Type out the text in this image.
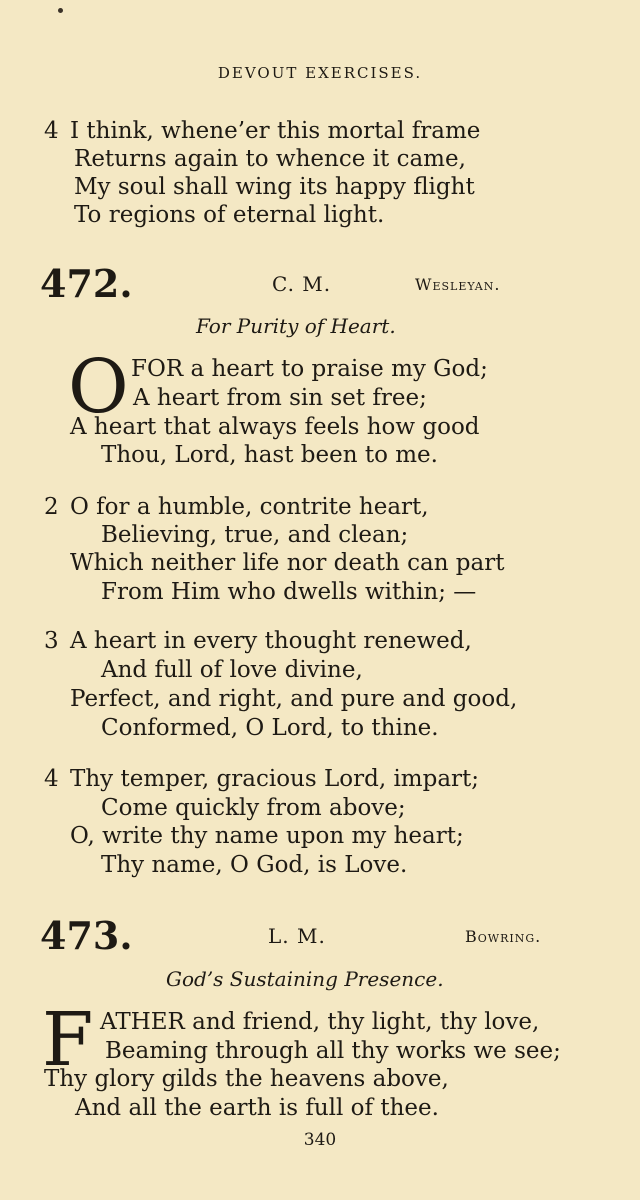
DEVOUT EXERCISES.
4 I think, whene’er this mortal frame
Returns again to whence it came,
My soul shall wing its happy flight
To regions of eternal light.
472.	C. M.	Wesleyan.
For Purity of Heart.
O FOR a heart to praise my God;
A heart from sin set free;
A heart that always feels how good
Thou, Lord, hast been to me.
2 O for a humble, contrite heart,
Believing, true, and clean;
Which neither life nor death can part
From Him who dwells within; —
3 A heart in every thought renewed,
And full of love divine,
Perfect, and right, and pure and good,
Conformed, O Lord, to thine.
4 Thy temper, gracious Lord, impart;
Come quickly from above;
O, write thy name upon my heart;
Thy name, O God, is Love.
473.	L. M.	Bowring.
God’s Sustaining Presence.
F ATHER and friend, thy light, thy love,
Beaming through all thy works we see;
Thy glory gilds the heavens above,
And all the earth is full of thee.
340
